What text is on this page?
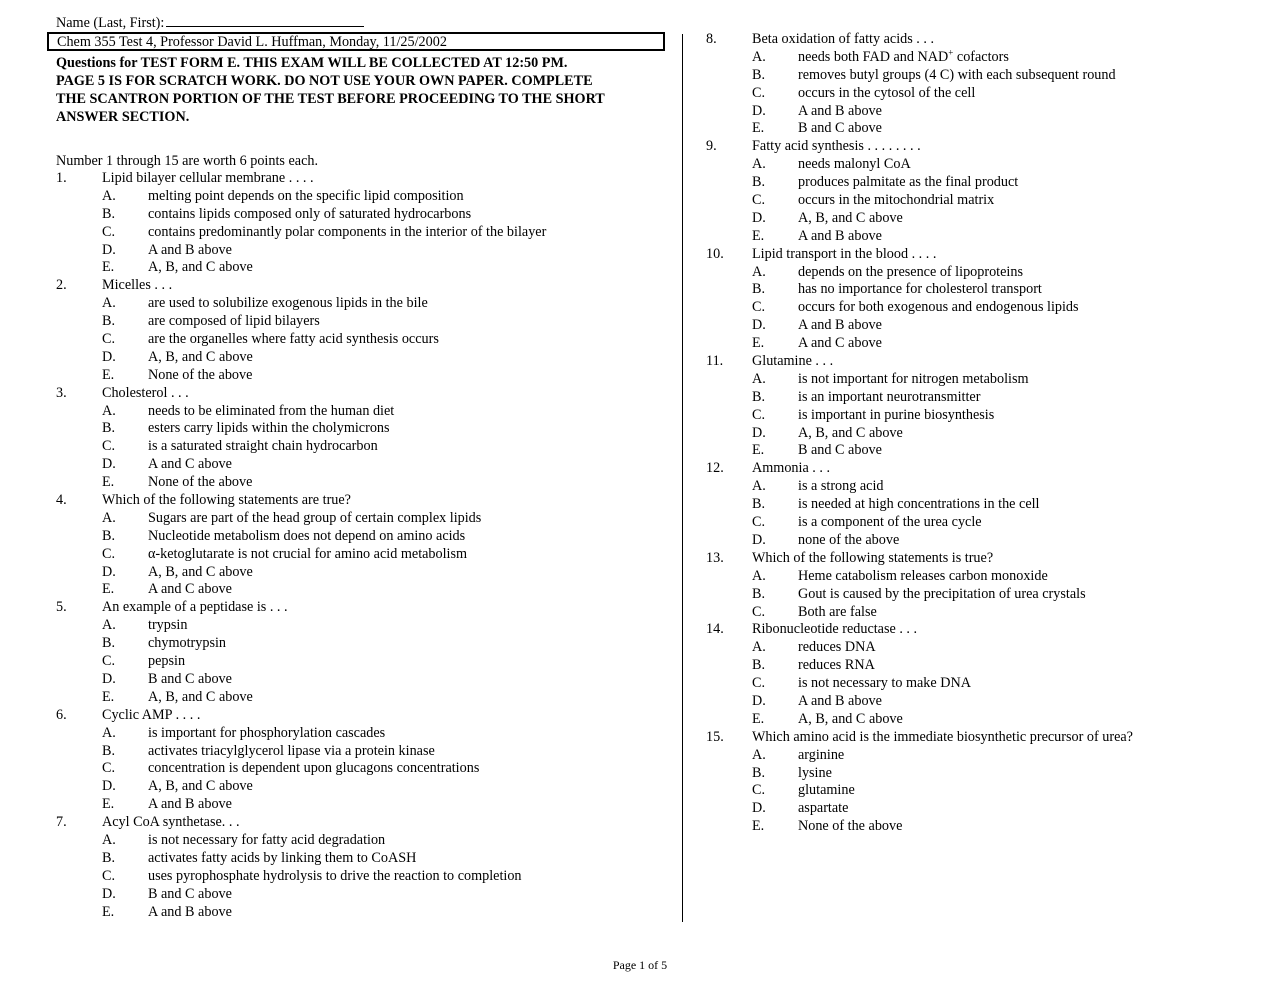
Name (Last, First):
Chem 355 Test 4, Professor David L. Huffman, Monday, 11/25/2002
Questions for TEST FORM E. THIS EXAM WILL BE COLLECTED AT 12:50 PM.
PAGE 5 IS FOR SCRATCH WORK. DO NOT USE YOUR OWN PAPER. COMPLETE
THE SCANTRON PORTION OF THE TEST BEFORE PROCEEDING TO THE SHORT
ANSWER SECTION.
Number 1 through 15 are worth 6 points each.
1. Lipid bilayer cellular membrane . . . .
A. melting point depends on the specific lipid composition
B. contains lipids composed only of saturated hydrocarbons
C. contains predominantly polar components in the interior of the bilayer
D. A and B above
E. A, B, and C above
2. Micelles . . .
A. are used to solubilize exogenous lipids in the bile
B. are composed of lipid bilayers
C. are the organelles where fatty acid synthesis occurs
D. A, B, and C above
E. None of the above
3. Cholesterol . . .
A. needs to be eliminated from the human diet
B. esters carry lipids within the cholymicrons
C. is a saturated straight chain hydrocarbon
D. A and C above
E. None of the above
4. Which of the following statements are true?
A. Sugars are part of the head group of certain complex lipids
B. Nucleotide metabolism does not depend on amino acids
C. α-ketoglutarate is not crucial for amino acid metabolism
D. A, B, and C above
E. A and C above
5. An example of a peptidase is . . .
A. trypsin
B. chymotrypsin
C. pepsin
D. B and C above
E. A, B, and C above
6. Cyclic AMP . . . .
A. is important for phosphorylation cascades
B. activates triacylglycerol lipase via a protein kinase
C. concentration is dependent upon glucagons concentrations
D. A, B, and C above
E. A and B above
7. Acyl CoA synthetase. . .
A. is not necessary for fatty acid degradation
B. activates fatty acids by linking them to CoASH
C. uses pyrophosphate hydrolysis to drive the reaction to completion
D. B and C above
E. A and B above
8. Beta oxidation of fatty acids . . .
A. needs both FAD and NAD+ cofactors
B. removes butyl groups (4 C) with each subsequent round
C. occurs in the cytosol of the cell
D. A and B above
E. B and C above
9. Fatty acid synthesis . . . . . . . .
A. needs malonyl CoA
B. produces palmitate as the final product
C. occurs in the mitochondrial matrix
D. A, B, and C above
E. A and B above
10. Lipid transport in the blood . . . .
A. depends on the presence of lipoproteins
B. has no importance for cholesterol transport
C. occurs for both exogenous and endogenous lipids
D. A and B above
E. A and C above
11. Glutamine . . .
A. is not important for nitrogen metabolism
B. is an important neurotransmitter
C. is important in purine biosynthesis
D. A, B, and C above
E. B and C above
12. Ammonia . . .
A. is a strong acid
B. is needed at high concentrations in the cell
C. is a component of the urea cycle
D. none of the above
13. Which of the following statements is true?
A. Heme catabolism releases carbon monoxide
B. Gout is caused by the precipitation of urea crystals
C. Both are false
14. Ribonucleotide reductase . . .
A. reduces DNA
B. reduces RNA
C. is not necessary to make DNA
D. A and B above
E. A, B, and C above
15. Which amino acid is the immediate biosynthetic precursor of urea?
A. arginine
B. lysine
C. glutamine
D. aspartate
E. None of the above
Page 1 of 5
